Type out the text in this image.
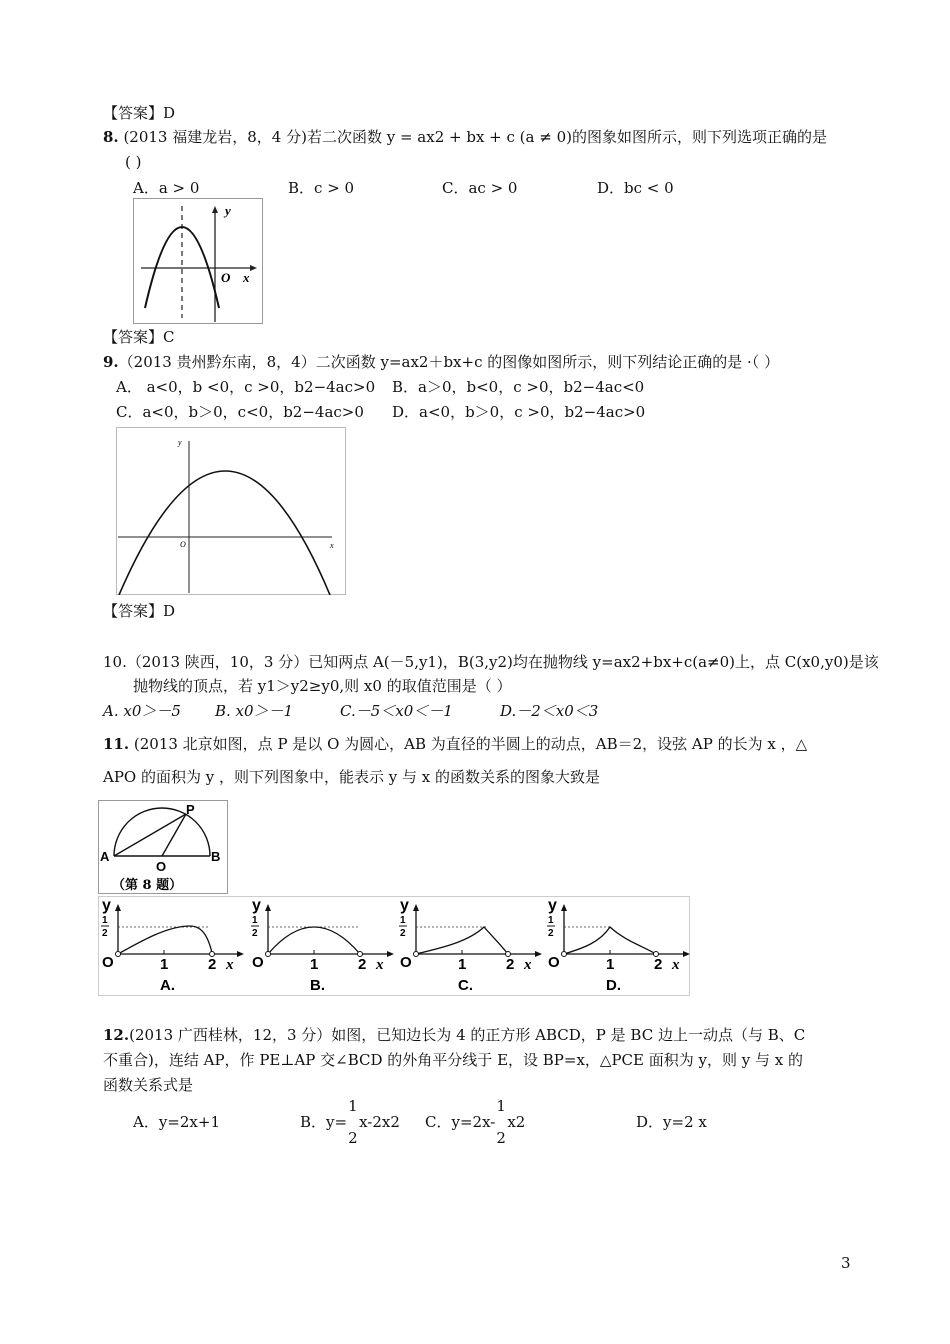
【答案】D
8. (2013 福建龙岩，8，4 分)若二次函数 y = ax2 + bx + c (a ≠ 0)的图象如图所示，则下列选项正确的是
( )
A．a > 0	B．c > 0	C．ac > 0	D．bc < 0
y
O x
【答案】C
9.（2013 贵州黔东南，8，4）二次函数 y=ax2＋bx+c 的图像如图所示，则下列结论正确的是 ·（ ）
A． a<0，b <0，c >0，b2−4ac>0 B．a＞0，b<0，c >0，b2−4ac<0
C．a<0，b＞0，c<0，b2−4ac>0 D．a<0，b＞0，c >0，b2−4ac>0
y
O	x
【答案】D
10.（2013 陕西，10，3 分）已知两点 A(－5,y1)，B(3,y2)均在抛物线 y=ax2+bx+c(a≠0)上，点 C(x0,y0)是该
抛物线的顶点，若 y1＞y2≥y0,则 x0 的取值范围是（ ）
A. x0＞－5 B. x0＞－1	C.－5＜x0＜－1	D.－2＜x0＜3
11. (2013 北京如图，点 P 是以 O 为圆心，AB 为直径的半圆上的动点，AB＝2，设弦 AP 的长为 x ，△
APO 的面积为 y ，则下列图象中，能表示 y 与 x 的函数关系的图象大致是
P
A
O
B
（第 8 题）
y
1
2
O	1	2 x
A.
y
1
2
O	1	2 x
B.
y
1
2
O	1	2 x
C.
y
1
2
O	1	2 x
D.
12.(2013 广西桂林，12，3 分）如图，已知边长为 4 的正方形 ABCD，P 是 BC 边上一动点（与 B、C
不重合)，连结 AP，作 PE⊥AP 交∠BCD 的外角平分线于 E，设 BP=x，△PCE 面积为 y，则 y 与 x 的
函数关系式是
A．y=2x+1	B．y=
1
2
x-2x2 C．y=2x-
1
2
x2	D．y=2 x
3
